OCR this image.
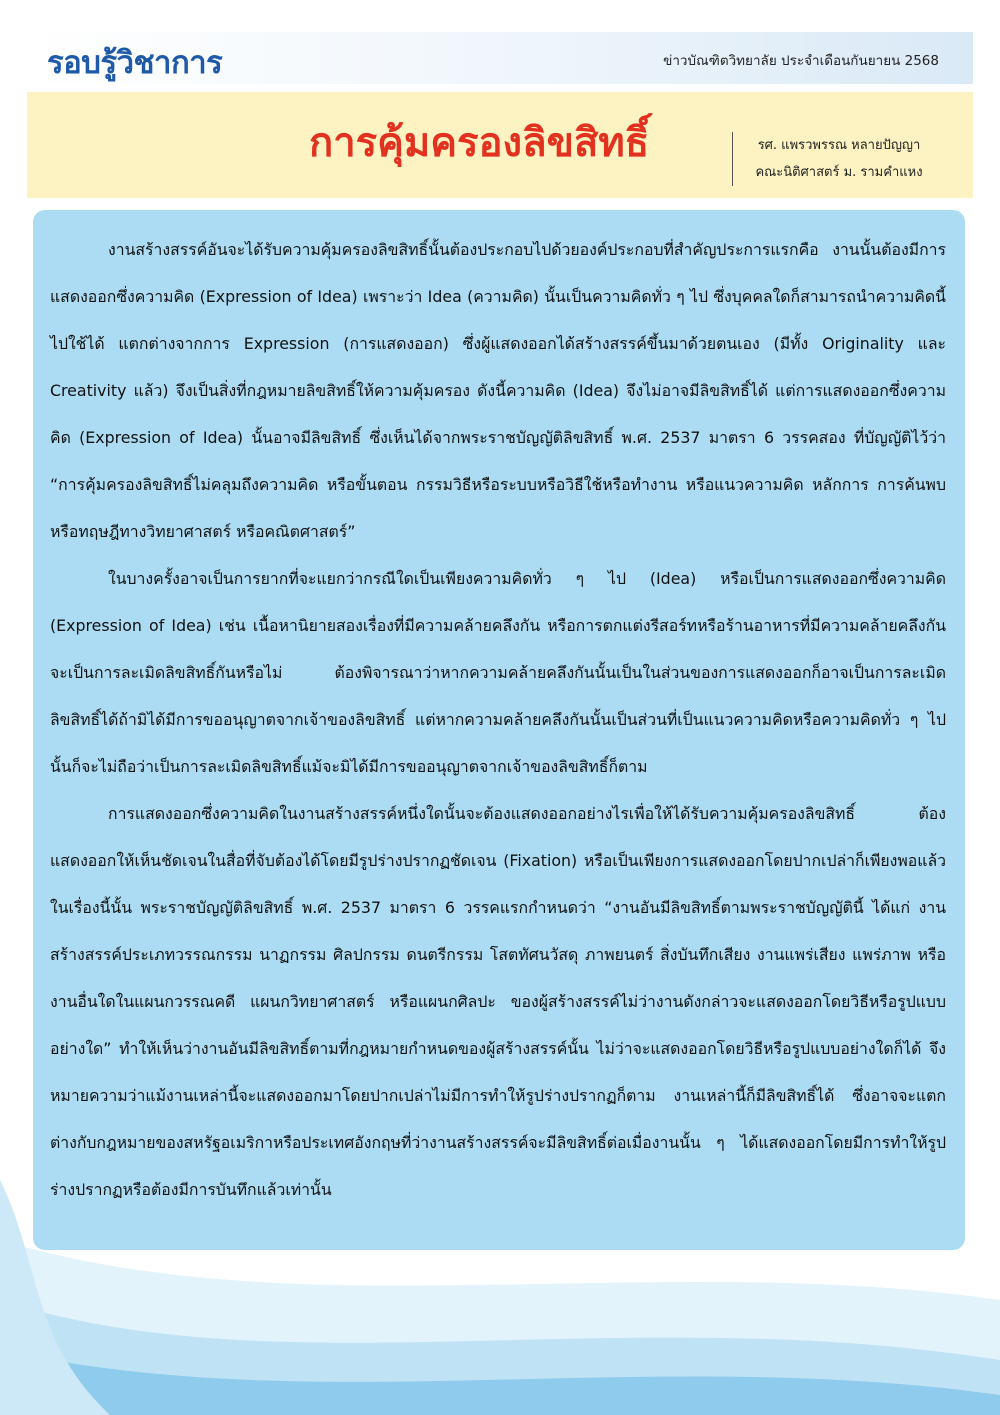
รอบรู้วิชาการ	ข่าวบัณฑิตวิทยาลัย ประจำเดือนกันยายน 2568
การคุ้มครองลิขสิทธิ์	รศ. แพรวพรรณ หลายปัญญา
คณะนิติศาสตร์ ม. รามคำแหง

งานสร้างสรรค์อันจะได้รับความคุ้มครองลิขสิทธิ์นั้นต้องประกอบไปด้วยองค์ประกอบที่สำคัญประการแรกคือ งานนั้นต้องมีการแสดงออกซึ่งความคิด (Expression of Idea) เพราะว่า Idea (ความคิด) นั้นเป็นความคิดทั่ว ๆ ไป ซึ่งบุคคลใดก็สามารถนำความคิดนี้ไปใช้ได้ แตกต่างจากการ Expression (การแสดงออก) ซึ่งผู้แสดงออกได้สร้างสรรค์ขึ้นมาด้วยตนเอง (มีทั้ง Originality และ Creativity แล้ว) จึงเป็นสิ่งที่กฎหมายลิขสิทธิ์ให้ความคุ้มครอง ดังนี้ความคิด (Idea) จึงไม่อาจมีลิขสิทธิ์ได้ แต่การแสดงออกซึ่งความคิด (Expression of Idea) นั้นอาจมีลิขสิทธิ์ ซึ่งเห็นได้จากพระราชบัญญัติลิขสิทธิ์ พ.ศ. 2537 มาตรา 6 วรรคสอง ที่บัญญัติไว้ว่า “การคุ้มครองลิขสิทธิ์ไม่คลุมถึงความคิด หรือขั้นตอน กรรมวิธีหรือระบบหรือวิธีใช้หรือทำงาน หรือแนวความคิด หลักการ การค้นพบ หรือทฤษฎีทางวิทยาศาสตร์ หรือคณิตศาสตร์”

ในบางครั้งอาจเป็นการยากที่จะแยกว่ากรณีใดเป็นเพียงความคิดทั่ว ๆ ไป (Idea) หรือเป็นการแสดงออกซึ่งความคิด (Expression of Idea) เช่น เนื้อหานิยายสองเรื่องที่มีความคล้ายคลึงกัน หรือการตกแต่งรีสอร์ทหรือร้านอาหารที่มีความคล้ายคลึงกัน จะเป็นการละเมิดลิขสิทธิ์กันหรือไม่ ต้องพิจารณาว่าหากความคล้ายคลึงกันนั้นเป็นในส่วนของการแสดงออกก็อาจเป็นการละเมิดลิขสิทธิ์ได้ถ้ามิได้มีการขออนุญาตจากเจ้าของลิขสิทธิ์ แต่หากความคล้ายคลึงกันนั้นเป็นส่วนที่เป็นแนวความคิดหรือความคิดทั่ว ๆ ไปนั้นก็จะไม่ถือว่าเป็นการละเมิดลิขสิทธิ์แม้จะมิได้มีการขออนุญาตจากเจ้าของลิขสิทธิ์ก็ตาม

การแสดงออกซึ่งความคิดในงานสร้างสรรค์หนึ่งใดนั้นจะต้องแสดงออกอย่างไรเพื่อให้ได้รับความคุ้มครองลิขสิทธิ์ ต้องแสดงออกให้เห็นชัดเจนในสื่อที่จับต้องได้โดยมีรูปร่างปรากฏชัดเจน (Fixation) หรือเป็นเพียงการแสดงออกโดยปากเปล่าก็เพียงพอแล้ว ในเรื่องนี้นั้น พระราชบัญญัติลิขสิทธิ์ พ.ศ. 2537 มาตรา 6 วรรคแรกกำหนดว่า “งานอันมีลิขสิทธิ์ตามพระราชบัญญัตินี้ ได้แก่ งานสร้างสรรค์ประเภทวรรณกรรม นาฏกรรม ศิลปกรรม ดนตรีกรรม โสตทัศนวัสดุ ภาพยนตร์ สิ่งบันทึกเสียง งานแพร่เสียง แพร่ภาพ หรืองานอื่นใดในแผนกวรรณคดี แผนกวิทยาศาสตร์ หรือแผนกศิลปะ ของผู้สร้างสรรค์ไม่ว่างานดังกล่าวจะแสดงออกโดยวิธีหรือรูปแบบอย่างใด” ทำให้เห็นว่างานอันมีลิขสิทธิ์ตามที่กฎหมายกำหนดของผู้สร้างสรรค์นั้น ไม่ว่าจะแสดงออกโดยวิธีหรือรูปแบบอย่างใดก็ได้ จึงหมายความว่าแม้งานเหล่านี้จะแสดงออกมาโดยปากเปล่าไม่มีการทำให้รูปร่างปรากฏก็ตาม งานเหล่านี้ก็มีลิขสิทธิ์ได้ ซึ่งอาจจะแตกต่างกับกฎหมายของสหรัฐอเมริกาหรือประเทศอังกฤษที่ว่างานสร้างสรรค์จะมีลิขสิทธิ์ต่อเมื่องานนั้น ๆ ได้แสดงออกโดยมีการทำให้รูปร่างปรากฏหรือต้องมีการบันทึกแล้วเท่านั้น
